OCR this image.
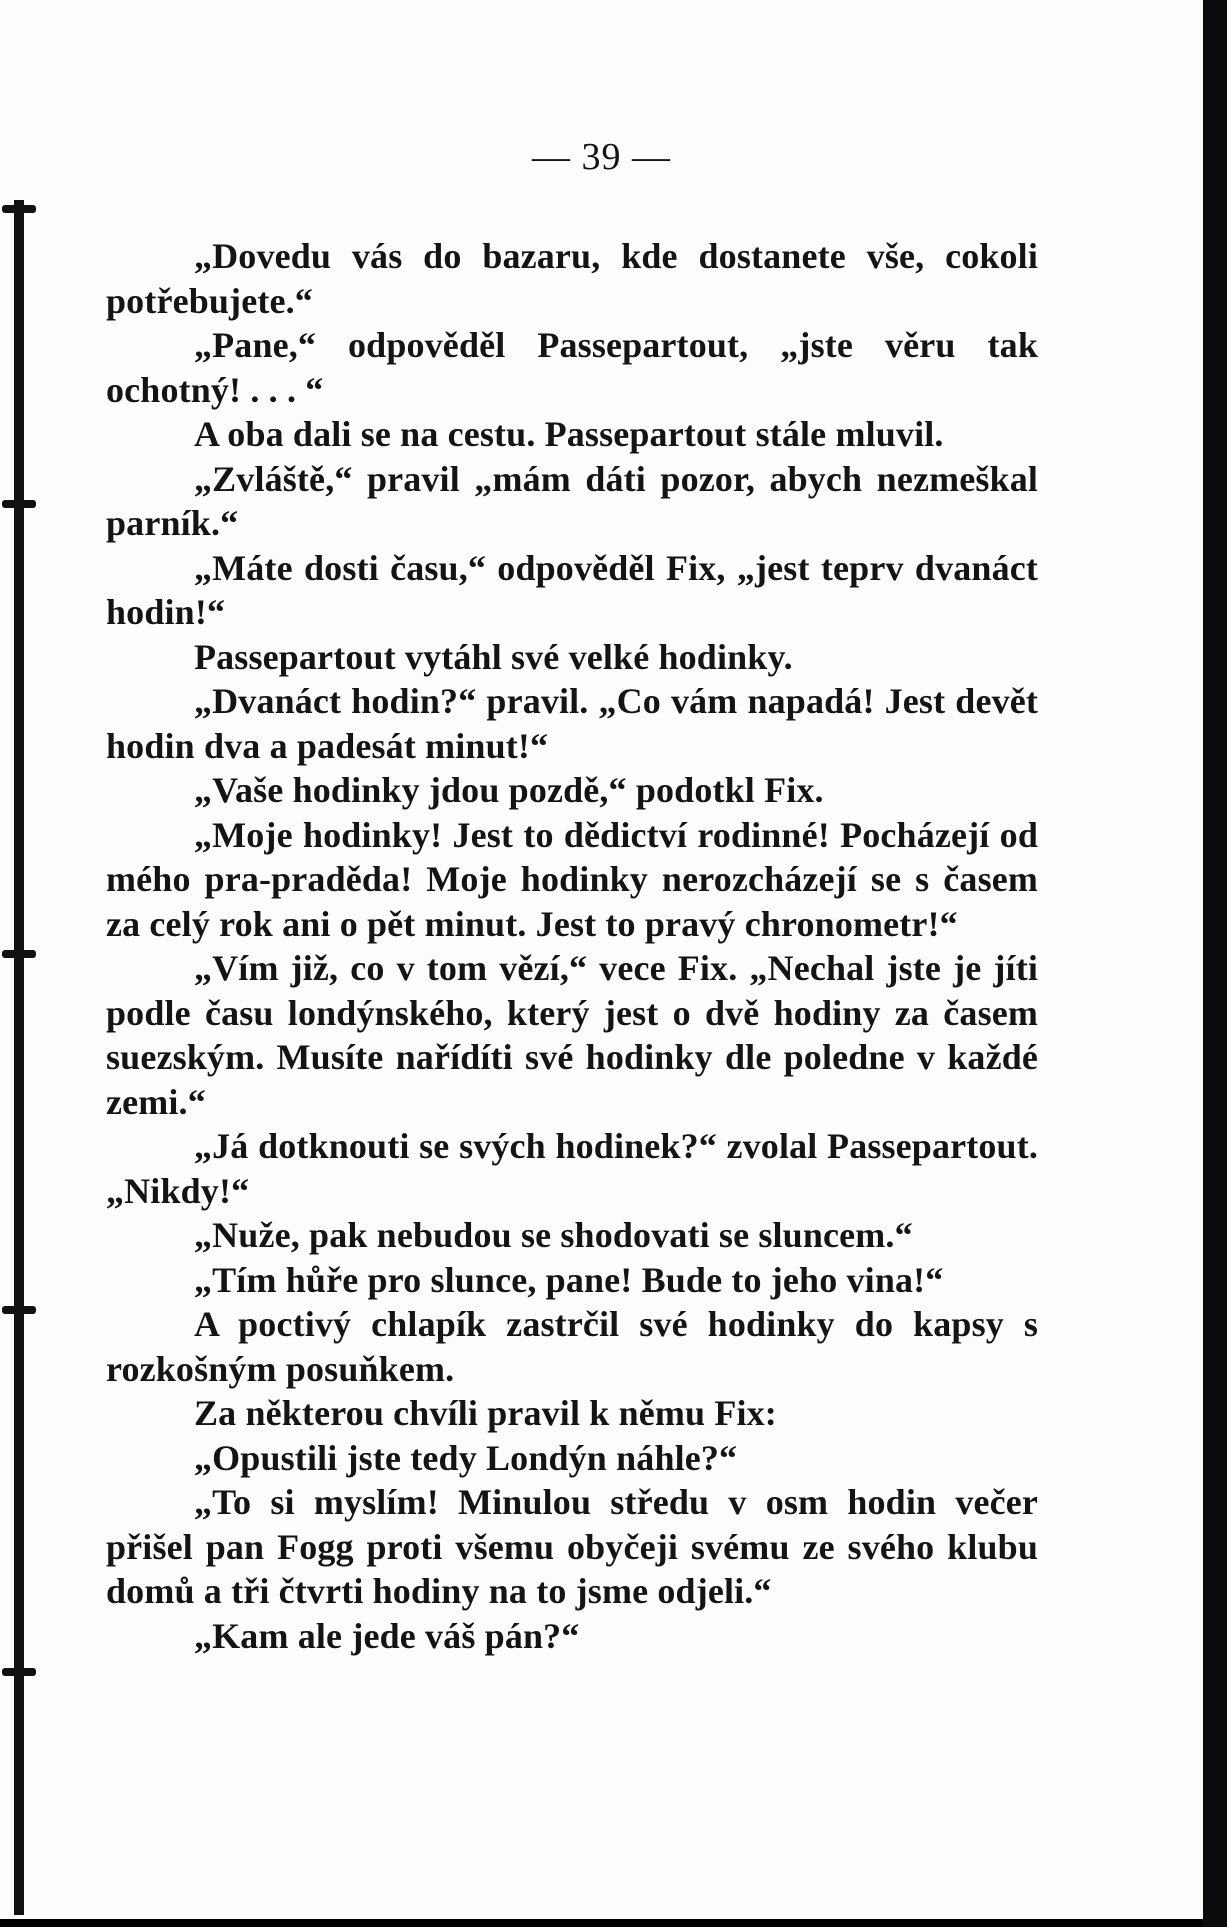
— 39 —

„Dovedu vás do bazaru, kde dostanete vše, cokoli potřebujete.“

„Pane,“ odpověděl Passepartout, „jste věru tak ochotný! . . . “

A oba dali se na cestu. Passepartout stále mluvil.

„Zvláště,“ pravil „mám dáti pozor, abych nezmeškal parník.“

„Máte dosti času,“ odpověděl Fix, „jest teprv dvanáct hodin!“

Passepartout vytáhl své velké hodinky.

„Dvanáct hodin?“ pravil. „Co vám napadá! Jest devět hodin dva a padesát minut!“

„Vaše hodinky jdou pozdě,“ podotkl Fix.

„Moje hodinky! Jest to dědictví rodinné! Pocházejí od mého pra-praděda! Moje hodinky nerozcházejí se s časem za celý rok ani o pět minut. Jest to pravý chronometr!“

„Vím již, co v tom vězí,“ vece Fix. „Nechal jste je jíti podle času londýnského, který jest o dvě hodiny za časem suezským. Musíte nařídíti své hodinky dle poledne v každé zemi.“

„Já dotknouti se svých hodinek?“ zvolal Passepartout. „Nikdy!“

„Nuže, pak nebudou se shodovati se sluncem.“

„Tím hůře pro slunce, pane! Bude to jeho vina!“

A poctivý chlapík zastrčil své hodinky do kapsy s rozkošným posuňkem.

Za některou chvíli pravil k němu Fix:

„Opustili jste tedy Londýn náhle?“

„To si myslím! Minulou středu v osm hodin večer přišel pan Fogg proti všemu obyčeji svému ze svého klubu domů a tři čtvrti hodiny na to jsme odjeli.“

„Kam ale jede váš pán?“
